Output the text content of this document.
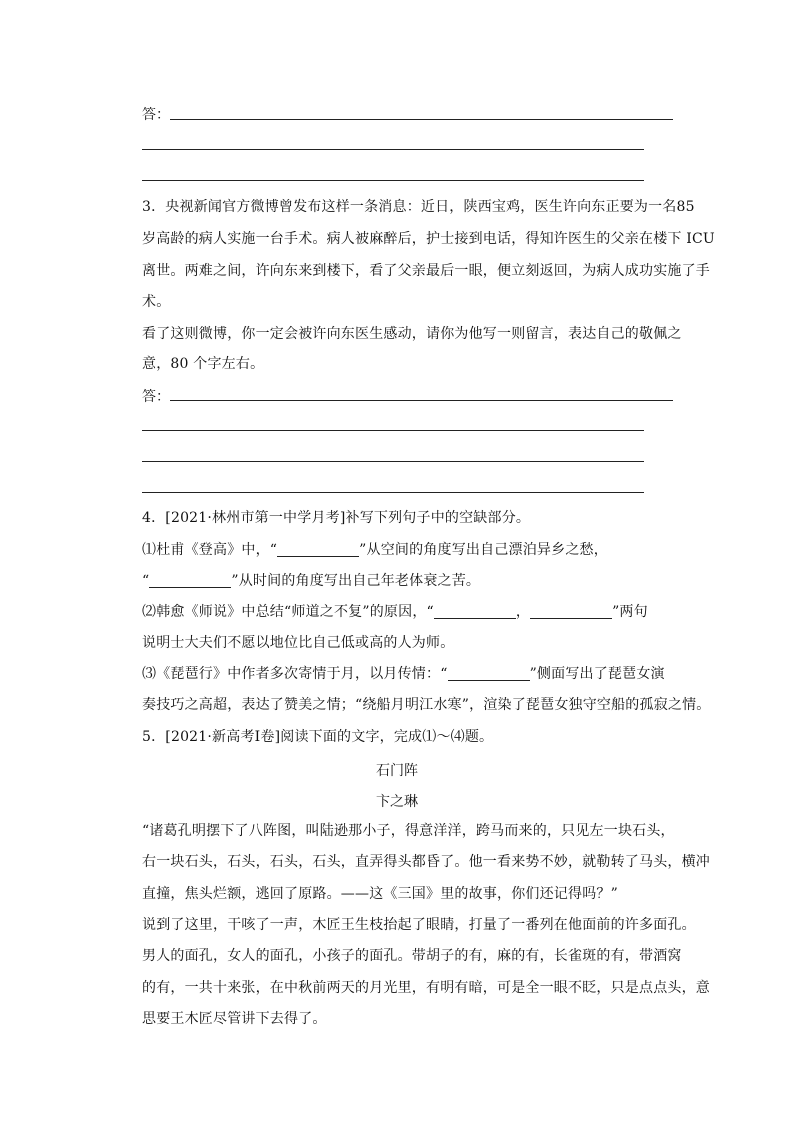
答：
3．央视新闻官方微博曾发布这样一条消息：近日，陕西宝鸡，医生许向东正要为一名85
岁高龄的病人实施一台手术。病人被麻醉后，护士接到电话，得知许医生的父亲在楼下 ICU
离世。两难之间，许向东来到楼下，看了父亲最后一眼，便立刻返回，为病人成功实施了手
术。
看了这则微博，你一定会被许向东医生感动，请你为他写一则留言，表达自己的敬佩之
意，80 个字左右。
答：
4．[2021·林州市第一中学月考]补写下列句子中的空缺部分。
⑴杜甫《登高》中，“	”从空间的角度写出自己漂泊异乡之愁，
“	”从时间的角度写出自己年老体衰之苦。
⑵韩愈《师说》中总结“师道之不复”的原因，“	，	”两句
说明士大夫们不愿以地位比自己低或高的人为师。
⑶《琵琶行》中作者多次寄情于月，以月传情：“	”侧面写出了琵琶女演
奏技巧之高超，表达了赞美之情；“绕船月明江水寒”，渲染了琵琶女独守空船的孤寂之情。
5．[2021·新高考Ⅰ卷]阅读下面的文字，完成⑴～⑷题。
石门阵
卞之琳
“诸葛孔明摆下了八阵图，叫陆逊那小子，得意洋洋，跨马而来的，只见左一块石头，
右一块石头，石头，石头，石头，直弄得头都昏了。他一看来势不妙，就勒转了马头，横冲
直撞，焦头烂额，逃回了原路。——这《三国》里的故事，你们还记得吗？”
说到了这里，干咳了一声，木匠王生枝抬起了眼睛，打量了一番列在他面前的许多面孔。
男人的面孔，女人的面孔，小孩子的面孔。带胡子的有，麻的有，长雀斑的有，带酒窝
的有，一共十来张，在中秋前两天的月光里，有明有暗，可是全一眼不眨，只是点点头，意
思要王木匠尽管讲下去得了。
